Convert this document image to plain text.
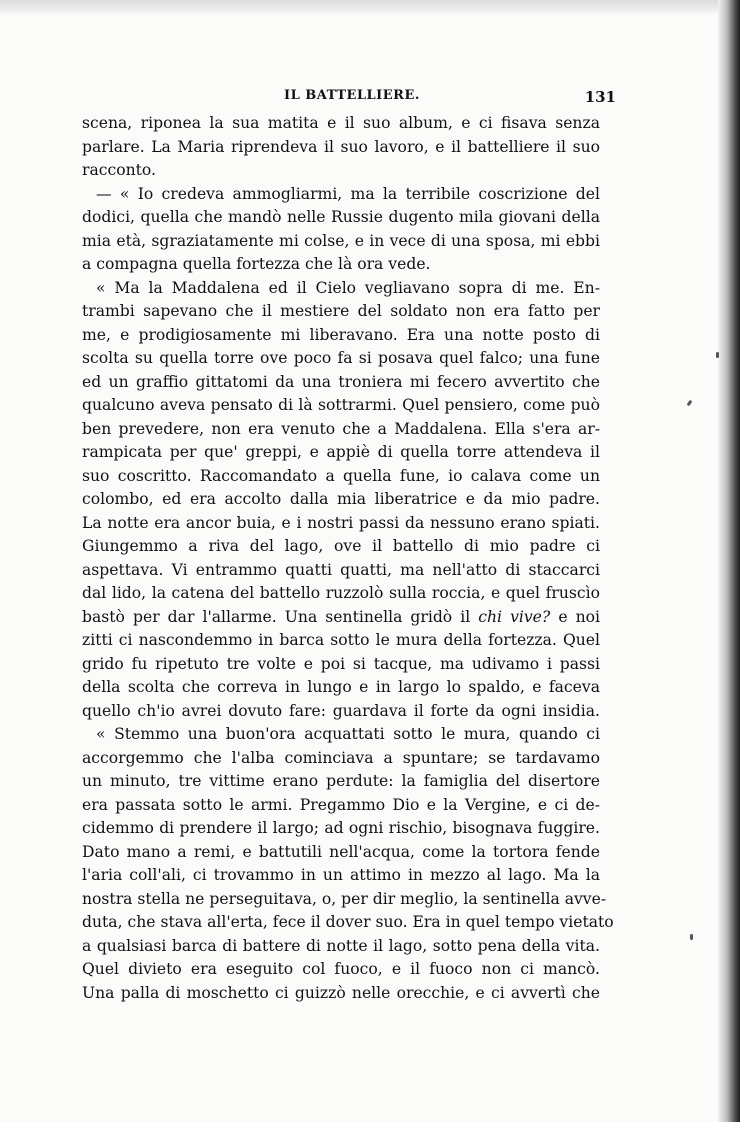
IL BATTELLIERE.	131
scena, riponea la sua matita e il suo album, e ci fisava senza
parlare. La Maria riprendeva il suo lavoro, e il battelliere il suo
racconto.
— « Io credeva ammogliarmi, ma la terribile coscrizione del
dodici, quella che mandò nelle Russie dugento mila giovani della
mia età, sgraziatamente mi colse, e in vece di una sposa, mi ebbi
a compagna quella fortezza che là ora vede.
« Ma la Maddalena ed il Cielo vegliavano sopra di me. En-
trambi sapevano che il mestiere del soldato non era fatto per
me, e prodigiosamente mi liberavano. Era una notte posto di
scolta su quella torre ove poco fa si posava quel falco; una fune
ed un graffio gittatomi da una troniera mi fecero avvertito che
qualcuno aveva pensato di là sottrarmi. Quel pensiero, come può
ben prevedere, non era venuto che a Maddalena. Ella s'era ar-
rampicata per que' greppi, e appiè di quella torre attendeva il
suo coscritto. Raccomandato a quella fune, io calava come un
colombo, ed era accolto dalla mia liberatrice e da mio padre.
La notte era ancor buia, e i nostri passi da nessuno erano spiati.
Giungemmo a riva del lago, ove il battello di mio padre ci
aspettava. Vi entrammo quatti quatti, ma nell'atto di staccarci
dal lido, la catena del battello ruzzolò sulla roccia, e quel fruscìo
bastò per dar l'allarme. Una sentinella gridò il chi vive? e noi
zitti ci nascondemmo in barca sotto le mura della fortezza. Quel
grido fu ripetuto tre volte e poi si tacque, ma udivamo i passi
della scolta che correva in lungo e in largo lo spaldo, e faceva
quello ch'io avrei dovuto fare: guardava il forte da ogni insidia.
« Stemmo una buon'ora acquattati sotto le mura, quando ci
accorgemmo che l'alba cominciava a spuntare; se tardavamo
un minuto, tre vittime erano perdute: la famiglia del disertore
era passata sotto le armi. Pregammo Dio e la Vergine, e ci de-
cidemmo di prendere il largo; ad ogni rischio, bisognava fuggire.
Dato mano a remi, e battutili nell'acqua, come la tortora fende
l'aria coll'ali, ci trovammo in un attimo in mezzo al lago. Ma la
nostra stella ne perseguitava, o, per dir meglio, la sentinella avve-
duta, che stava all'erta, fece il dover suo. Era in quel tempo vietato
a qualsiasi barca di battere di notte il lago, sotto pena della vita.
Quel divieto era eseguito col fuoco, e il fuoco non ci mancò.
Una palla di moschetto ci guizzò nelle orecchie, e ci avvertì che
